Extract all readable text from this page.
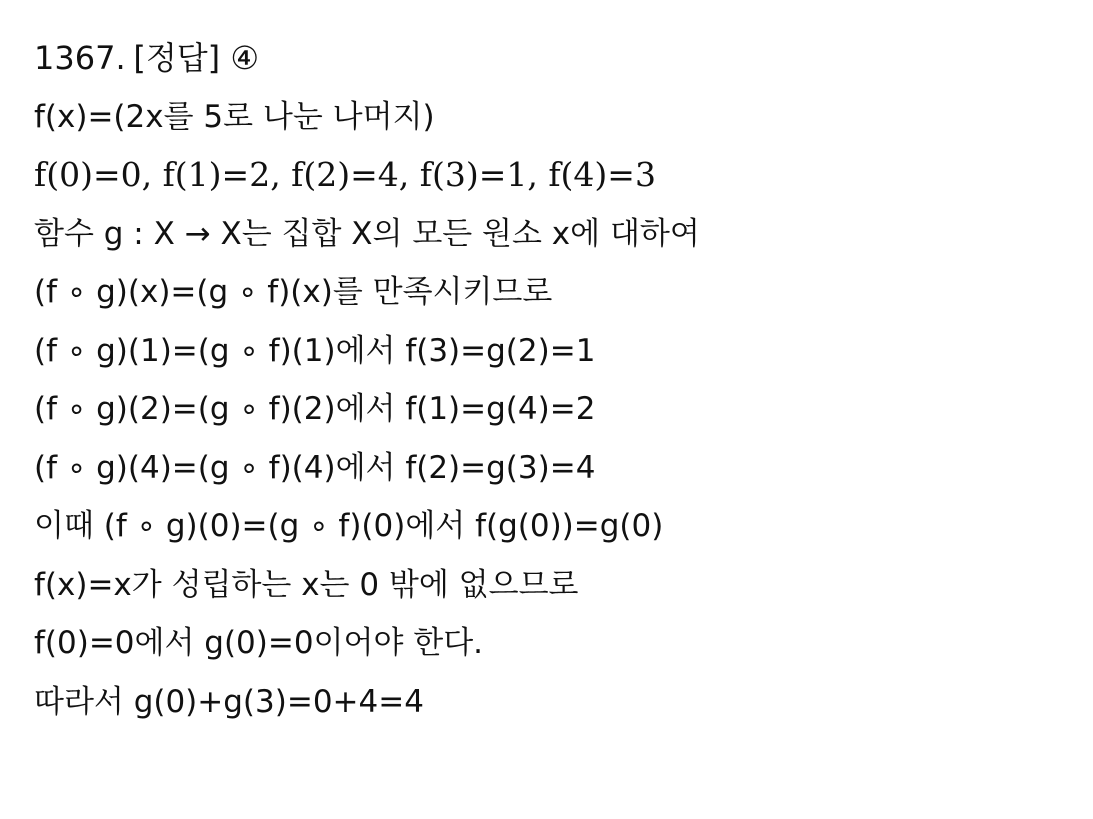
1367. [정답] ④
f(x)=(2x를 5로 나눈 나머지)
f(0)=0, f(1)=2, f(2)=4, f(3)=1, f(4)=3
함수 g : X → X는 집합 X의 모든 원소 x에 대하여
(f ∘ g)(x)=(g ∘ f)(x)를 만족시키므로
(f ∘ g)(1)=(g ∘ f)(1)에서 f(3)=g(2)=1
(f ∘ g)(2)=(g ∘ f)(2)에서 f(1)=g(4)=2
(f ∘ g)(4)=(g ∘ f)(4)에서 f(2)=g(3)=4
이때 (f ∘ g)(0)=(g ∘ f)(0)에서 f(g(0))=g(0)
f(x)=x가 성립하는 x는 0 밖에 없으므로
f(0)=0에서 g(0)=0이어야 한다.
따라서 g(0)+g(3)=0+4=4
